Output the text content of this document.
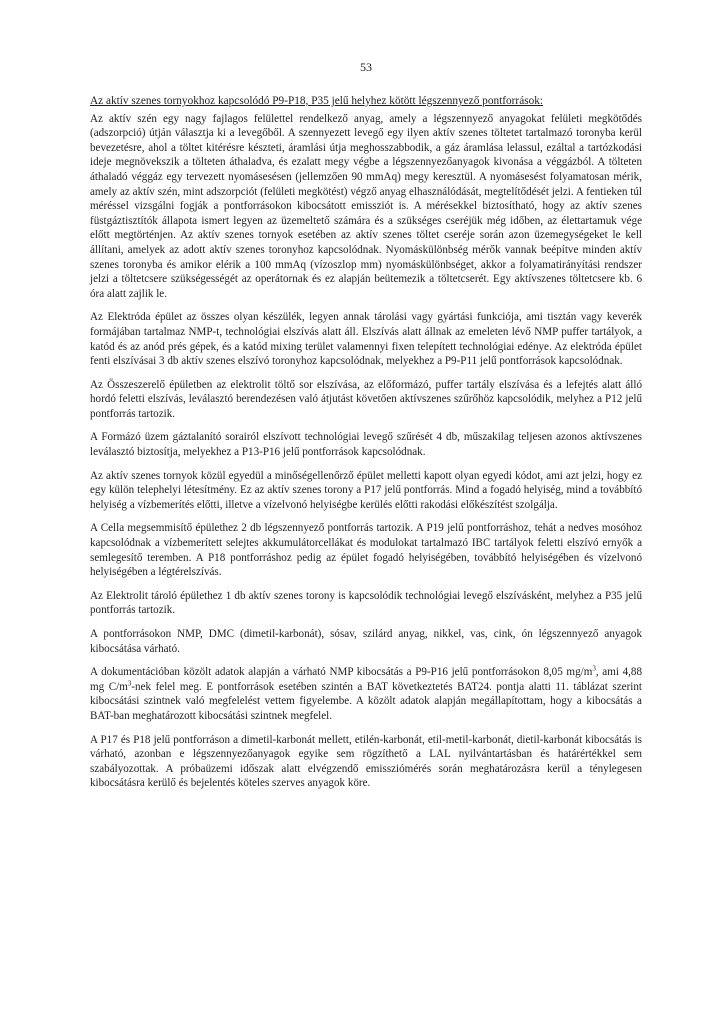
53
Az aktív szenes tornyokhoz kapcsolódó P9-P18, P35 jelű helyhez kötött légszennyező pontforrások:

Az aktív szén egy nagy fajlagos felülettel rendelkező anyag, amely a légszennyező anyagokat felületi megkötődés (adszorpció) útján választja ki a levegőből. A szennyezett levegő egy ilyen aktív szenes töltetet tartalmazó toronyba kerül bevezetésre, ahol a töltet kitérésre készteti, áramlási útja meghosszabbodik, a gáz áramlása lelassul, ezáltal a tartózkodási ideje megnövekszik a tölteten áthaladva, és ezalatt megy végbe a légszennyezőanyagok kivonása a véggázból. A tölteten áthaladó véggáz egy tervezett nyomásesésen (jellemzően 90 mmAq) megy keresztül. A nyomásesést folyamatosan mérik, amely az aktív szén, mint adszorpciót (felületi megkötést) végző anyag elhasználódását, megtelítődését jelzi. A fentieken túl méréssel vizsgálni fogják a pontforrásokon kibocsátott emissziót is. A mérésekkel biztosítható, hogy az aktív szenes füstgáztisztítók állapota ismert legyen az üzemeltető számára és a szükséges cseréjük még időben, az élettartamuk vége előtt megtörténjen. Az aktív szenes tornyok esetében az aktív szenes töltet cseréje során azon üzemegységeket le kell állítani, amelyek az adott aktív szenes toronyhoz kapcsolódnak. Nyomáskülönbség mérők vannak beépítve minden aktív szenes toronyba és amikor elérik a 100 mmAq (vízoszlop mm) nyomáskülönbséget, akkor a folyamatirányítási rendszer jelzi a töltetcsere szükségességét az operátornak és ez alapján beütemezik a töltetcserét. Egy aktívszenes töltetcsere kb. 6 óra alatt zajlik le.

Az Elektróda épület az összes olyan készülék, legyen annak tárolási vagy gyártási funkciója, ami tisztán vagy keverék formájában tartalmaz NMP-t, technológiai elszívás alatt áll. Elszívás alatt állnak az emeleten lévő NMP puffer tartályok, a katód és az anód prés gépek, és a katód mixing terület valamennyi fixen telepített technológiai edénye. Az elektróda épület fenti elszívásai 3 db aktív szenes elszívó toronyhoz kapcsolódnak, melyekhez a P9-P11 jelű pontforrások kapcsolódnak.

Az Összeszerelő épületben az elektrolit töltő sor elszívása, az előformázó, puffer tartály elszívása és a lefejtés alatt álló hordó feletti elszívás, leválasztó berendezésen való átjutást követően aktívszenes szűrőhöz kapcsolódik, melyhez a P12 jelű pontforrás tartozik.

A Formázó üzem gáztalanító sorairól elszívott technológiai levegő szűrését 4 db, műszakilag teljesen azonos aktívszenes leválasztó biztosítja, melyekhez a P13-P16 jelű pontforrások kapcsolódnak.

Az aktív szenes tornyok közül egyedül a minőségellenőrző épület melletti kapott olyan egyedi kódot, ami azt jelzi, hogy ez egy külön telephelyi létesítmény. Ez az aktív szenes torony a P17 jelű pontforrás. Mind a fogadó helyiség, mind a továbbító helyiség a vízbemerítés előtti, illetve a vízelvonó helyiségbe kerülés előtti rakodási előkészítést szolgálja.

A Cella megsemmisítő épülethez 2 db légszennyező pontforrás tartozik. A P19 jelű pontforráshoz, tehát a nedves mosóhoz kapcsolódnak a vízbemerített selejtes akkumulátorcellákat és modulokat tartalmazó IBC tartályok feletti elszívó ernyők a semlegesítő teremben. A P18 pontforráshoz pedig az épület fogadó helyiségében, továbbító helyiségében és vízelvonó helyiségében a légtérelszívás.

Az Elektrolit tároló épülethez 1 db aktív szenes torony is kapcsolódik technológiai levegő elszívásként, melyhez a P35 jelű pontforrás tartozik.

A pontforrásokon NMP, DMC (dimetil-karbonát), sósav, szilárd anyag, nikkel, vas, cink, ón légszennyező anyagok kibocsátása várható.

A dokumentációban közölt adatok alapján a várható NMP kibocsátás a P9-P16 jelű pontforrásokon 8,05 $mg/m^3$, ami 4,88 mg $C/m^3$-nek felel meg. E pontforrások esetében szintén a BAT következtetés BAT24. pontja alatti 11. táblázat szerint kibocsátási szintnek való megfelelést vettem figyelembe. A közölt adatok alapján megállapítottam, hogy a kibocsátás a BAT-ban meghatározott kibocsátási szintnek megfelel.

A P17 és P18 jelű pontforráson a dimetil-karbonát mellett, etilén-karbonát, etil-metil-karbonát, dietil-karbonát kibocsátás is várható, azonban e légszennyezőanyagok egyike sem rögzíthető a LAL nyilvántartásban és határértékkel sem szabályozottak. A próbaüzemi időszak alatt elvégzendő emissziómérés során meghatározásra kerül a ténylegesen kibocsátásra kerülő és bejelentés köteles szerves anyagok köre.
